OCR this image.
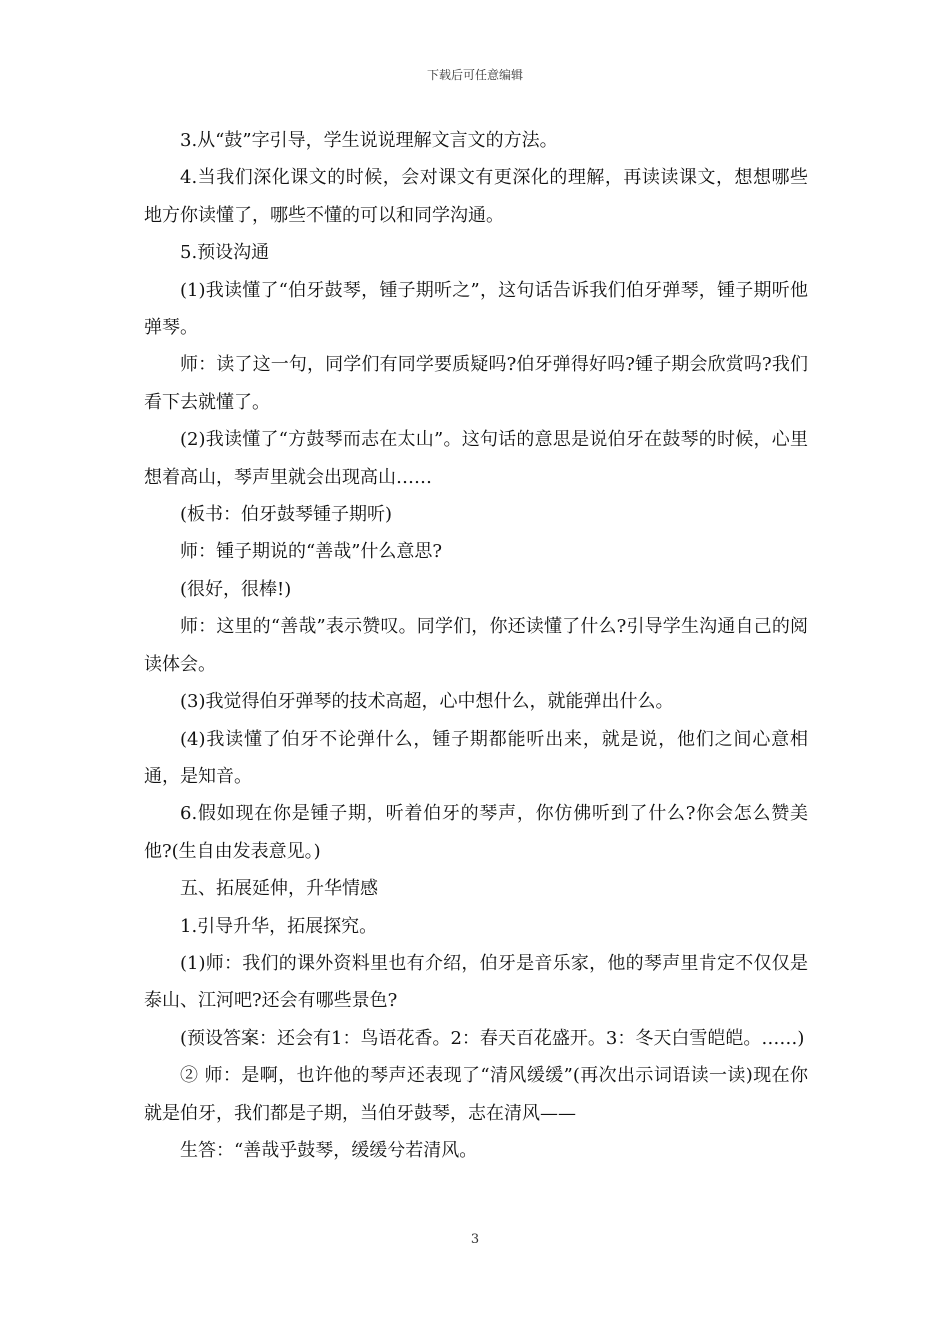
下载后可任意编辑

3.从“鼓”字引导，学生说说理解文言文的方法。

4.当我们深化课文的时候，会对课文有更深化的理解，再读读课文，想想哪些地方你读懂了，哪些不懂的可以和同学沟通。

5.预设沟通

(1)我读懂了“伯牙鼓琴，锺子期听之”，这句话告诉我们伯牙弹琴，锺子期听他弹琴。

师：读了这一句，同学们有同学要质疑吗?伯牙弹得好吗?锺子期会欣赏吗?我们看下去就懂了。

(2)我读懂了“方鼓琴而志在太山”。这句话的意思是说伯牙在鼓琴的时候，心里想着高山，琴声里就会出现高山……

(板书：伯牙鼓琴锺子期听)

师：锺子期说的“善哉”什么意思?

(很好，很棒!)

师：这里的“善哉”表示赞叹。同学们，你还读懂了什么?引导学生沟通自己的阅读体会。

(3)我觉得伯牙弹琴的技术高超，心中想什么，就能弹出什么。

(4)我读懂了伯牙不论弹什么，锺子期都能听出来，就是说，他们之间心意相通，是知音。

6.假如现在你是锺子期，听着伯牙的琴声，你仿佛听到了什么?你会怎么赞美他?(生自由发表意见。)

五、拓展延伸，升华情感

1.引导升华，拓展探究。

(1)师：我们的课外资料里也有介绍，伯牙是音乐家，他的琴声里肯定不仅仅是泰山、江河吧?还会有哪些景色?

(预设答案：还会有1：鸟语花香。2：春天百花盛开。3：冬天白雪皑皑。……)

② 师：是啊，也许他的琴声还表现了“清风缓缓”(再次出示词语读一读)现在你就是伯牙，我们都是子期，当伯牙鼓琴，志在清风——

生答：“善哉乎鼓琴，缓缓兮若清风。

3
